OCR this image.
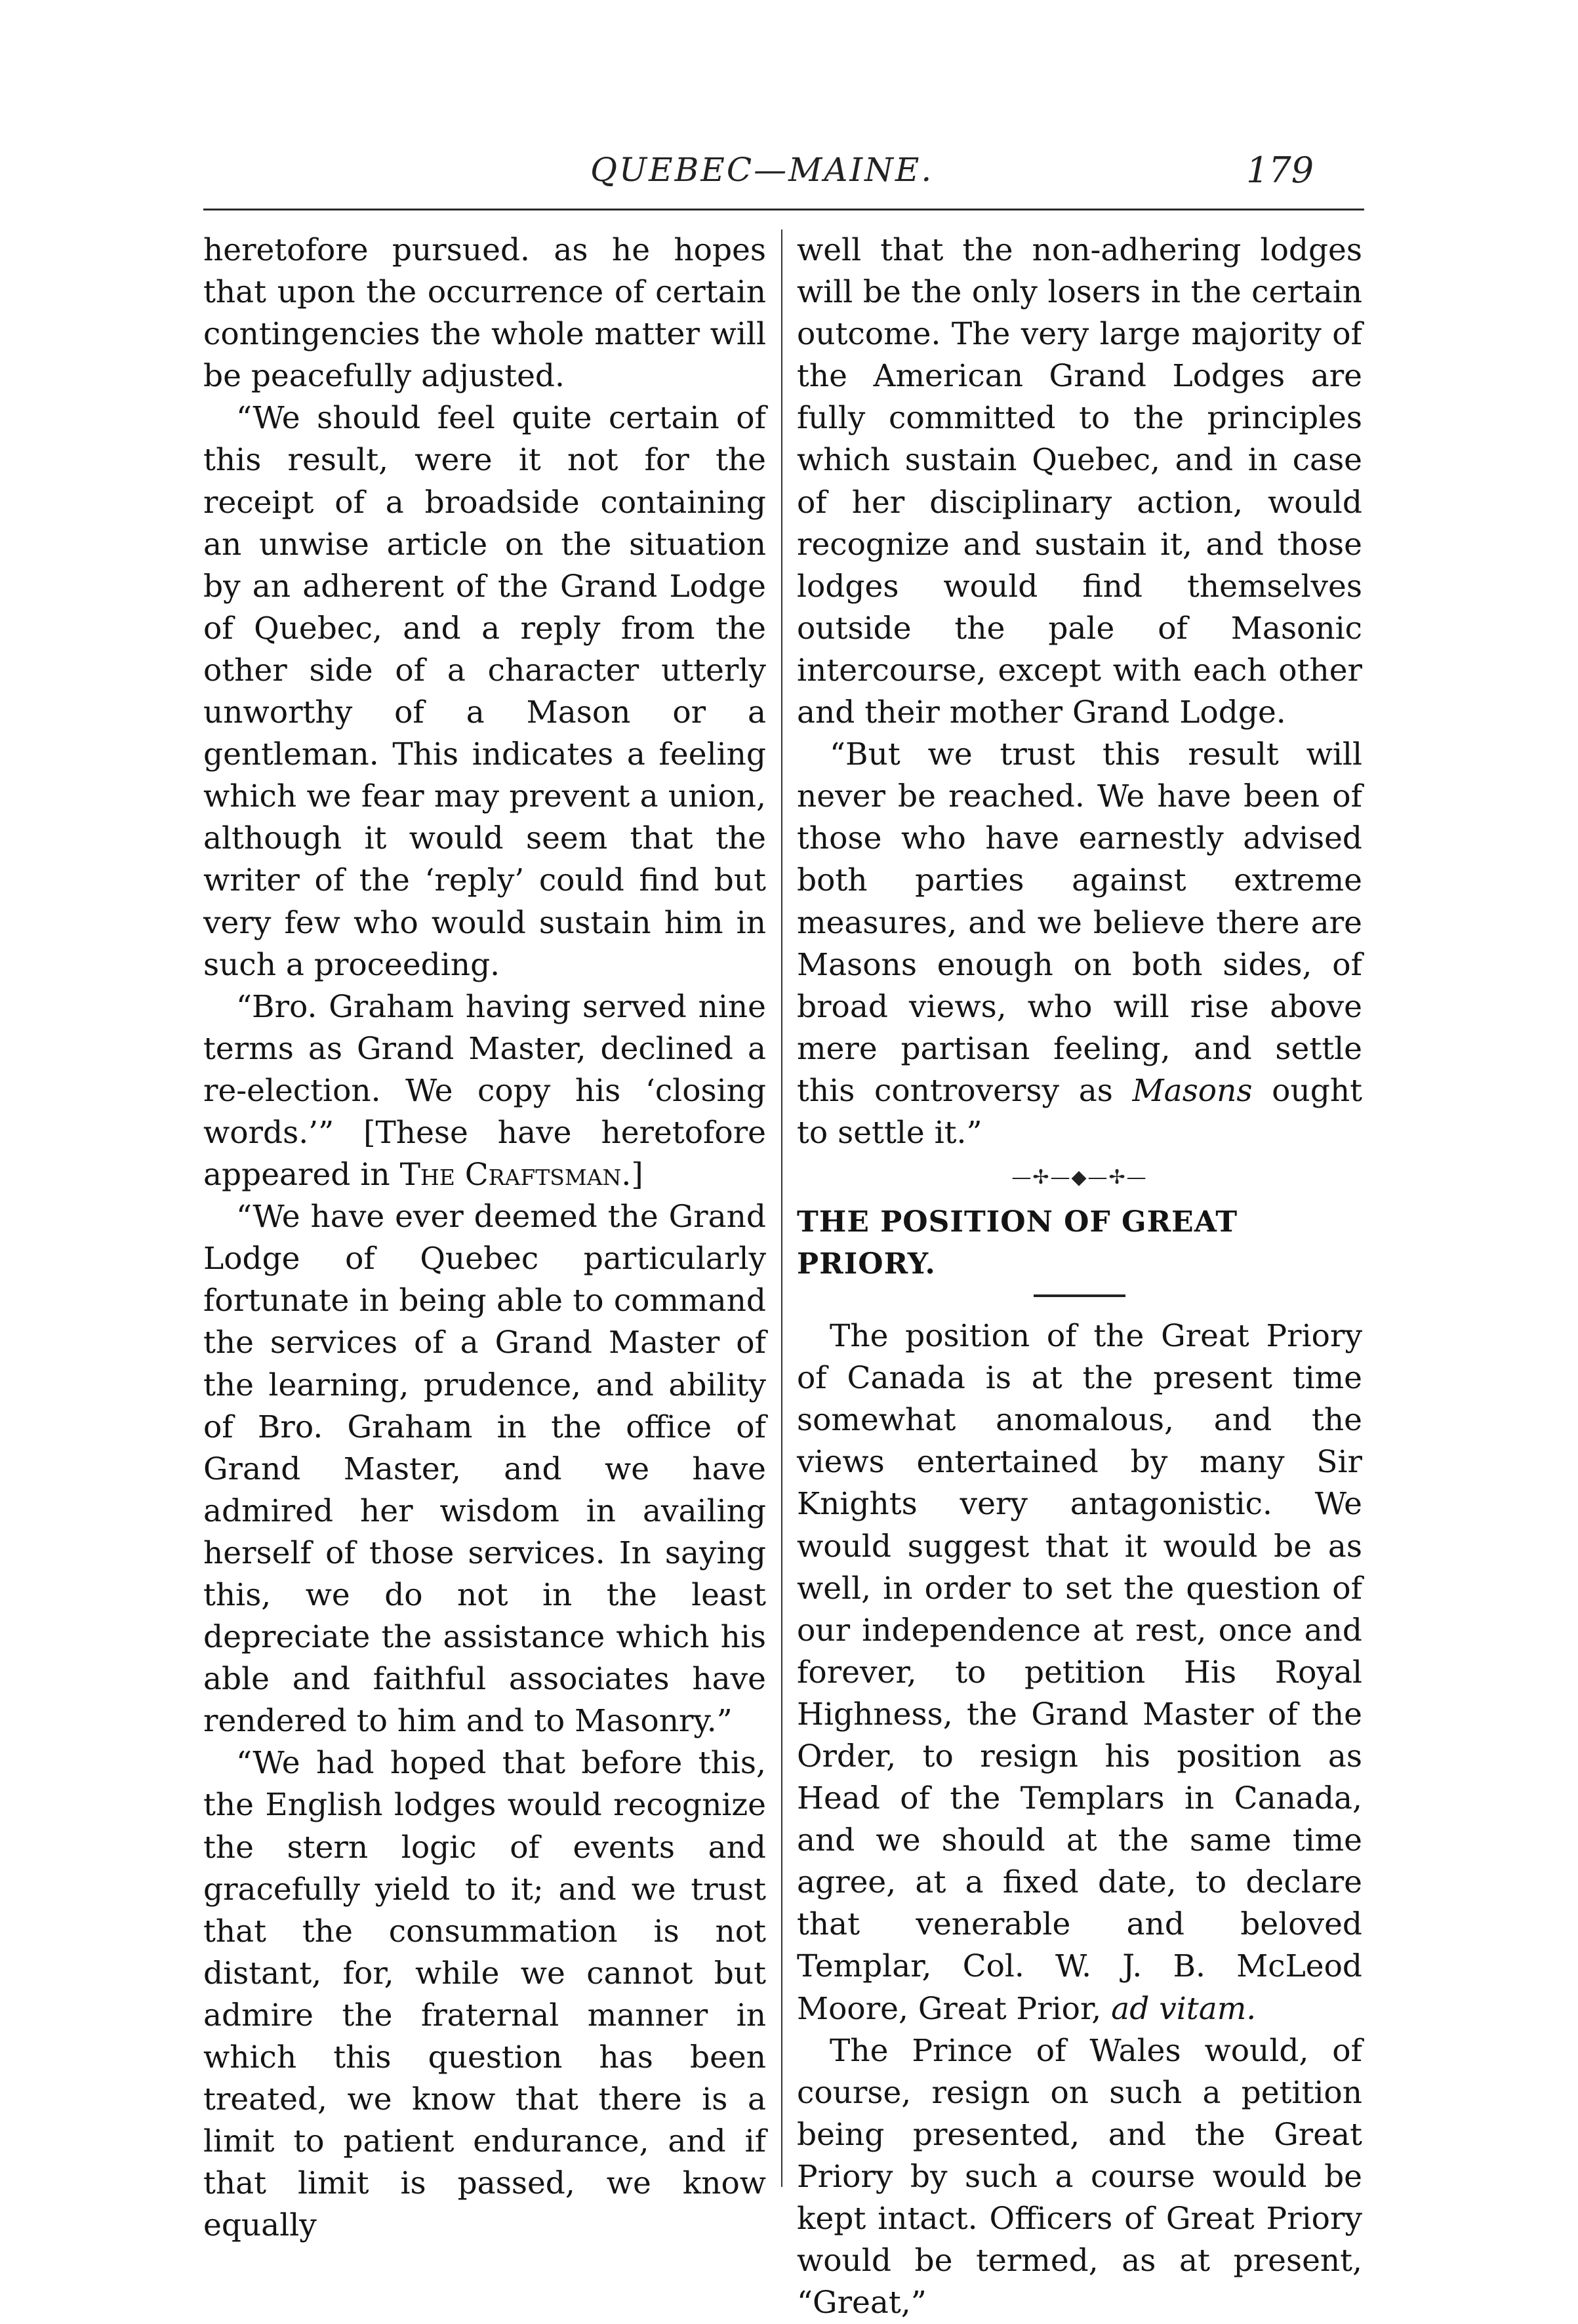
QUEBEC—MAINE.	179

heretofore pursued. as he hopes that upon the occurrence of certain contingencies the whole matter will be peacefully adjusted.

“We should feel quite certain of this result, were it not for the receipt of a broadside containing an unwise article on the situation by an adherent of the Grand Lodge of Quebec, and a reply from the other side of a character utterly unworthy of a Mason or a gentleman. This indicates a feeling which we fear may prevent a union, although it would seem that the writer of the ‘reply’ could find but very few who would sustain him in such a proceeding.

“Bro. Graham having served nine terms as Grand Master, declined a re-election. We copy his ‘closing words.’” [These have heretofore appeared in The Craftsman.]

“We have ever deemed the Grand Lodge of Quebec particularly fortunate in being able to command the services of a Grand Master of the learning, prudence, and ability of Bro. Graham in the office of Grand Master, and we have admired her wisdom in availing herself of those services. In saying this, we do not in the least depreciate the assistance which his able and faithful associates have rendered to him and to Masonry.”

“We had hoped that before this, the English lodges would recognize the stern logic of events and gracefully yield to it; and we trust that the consummation is not distant, for, while we cannot but admire the fraternal manner in which this question has been treated, we know that there is a limit to patient endurance, and if that limit is passed, we know equally

well that the non-adhering lodges will be the only losers in the certain outcome. The very large majority of the American Grand Lodges are fully committed to the principles which sustain Quebec, and in case of her disciplinary action, would recognize and sustain it, and those lodges would find themselves outside the pale of Masonic intercourse, except with each other and their mother Grand Lodge.

“But we trust this result will never be reached. We have been of those who have earnestly advised both parties against extreme measures, and we believe there are Masons enough on both sides, of broad views, who will rise above mere partisan feeling, and settle this controversy as Masons ought to settle it.”

—✢—◆—✢—
THE POSITION OF GREAT PRIORY.

The position of the Great Priory of Canada is at the present time somewhat anomalous, and the views entertained by many Sir Knights very antagonistic. We would suggest that it would be as well, in order to set the question of our independence at rest, once and forever, to petition His Royal Highness, the Grand Master of the Order, to resign his position as Head of the Templars in Canada, and we should at the same time agree, at a fixed date, to declare that venerable and beloved Templar, Col. W. J. B. McLeod Moore, Great Prior, ad vitam.

The Prince of Wales would, of course, resign on such a petition being presented, and the Great Priory by such a course would be kept intact. Officers of Great Priory would be termed, as at present, “Great,”
